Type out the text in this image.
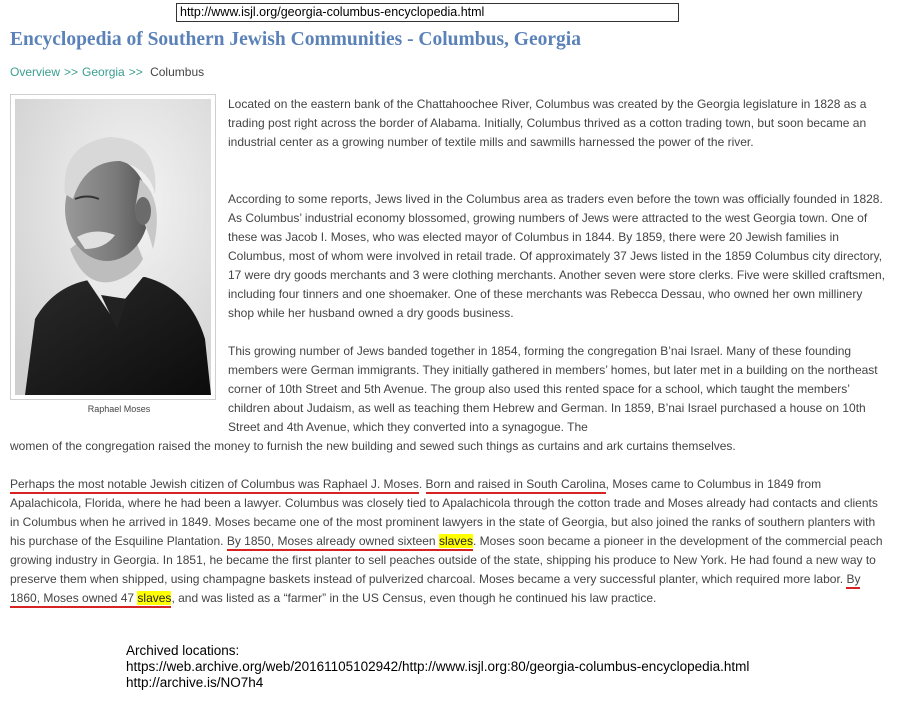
http://www.isjl.org/georgia-columbus-encyclopedia.html
Encyclopedia of Southern Jewish Communities - Columbus, Georgia
Overview >> Georgia >> Columbus
Raphael Moses

Located on the eastern bank of the Chattahoochee River, Columbus was created by the Georgia legislature in 1828 as a trading post right across the border of Alabama. Initially, Columbus thrived as a cotton trading town, but soon became an industrial center as a growing number of textile mills and sawmills harnessed the power of the river.

According to some reports, Jews lived in the Columbus area as traders even before the town was officially founded in 1828. As Columbus’ industrial economy blossomed, growing numbers of Jews were attracted to the west Georgia town. One of these was Jacob I. Moses, who was elected mayor of Columbus in 1844. By 1859, there were 20 Jewish families in Columbus, most of whom were involved in retail trade. Of approximately 37 Jews listed in the 1859 Columbus city directory, 17 were dry goods merchants and 3 were clothing merchants. Another seven were store clerks. Five were skilled craftsmen, including four tinners and one shoemaker. One of these merchants was Rebecca Dessau, who owned her own millinery shop while her husband owned a dry goods business.

This growing number of Jews banded together in 1854, forming the congregation B’nai Israel. Many of these founding members were German immigrants. They initially gathered in members’ homes, but later met in a building on the northeast corner of 10th Street and 5th Avenue. The group also used this rented space for a school, which taught the members’ children about Judaism, as well as teaching them Hebrew and German. In 1859, B’nai Israel purchased a house on 10th Street and 4th Avenue, which they converted into a synagogue. The

women of the congregation raised the money to furnish the new building and sewed such things as curtains and ark curtains themselves.

Perhaps the most notable Jewish citizen of Columbus was Raphael J. Moses. Born and raised in South Carolina, Moses came to Columbus in 1849 from Apalachicola, Florida, where he had been a lawyer. Columbus was closely tied to Apalachicola through the cotton trade and Moses already had contacts and clients in Columbus when he arrived in 1849. Moses became one of the most prominent lawyers in the state of Georgia, but also joined the ranks of southern planters with his purchase of the Esquiline Plantation. By 1850, Moses already owned sixteen slaves. Moses soon became a pioneer in the development of the commercial peach growing industry in Georgia. In 1851, he became the first planter to sell peaches outside of the state, shipping his produce to New York. He had found a new way to preserve them when shipped, using champagne baskets instead of pulverized charcoal. Moses became a very successful planter, which required more labor. By 1860, Moses owned 47 slaves, and was listed as a “farmer” in the US Census, even though he continued his law practice.

Archived locations:
https://web.archive.org/web/20161105102942/http://www.isjl.org:80/georgia-columbus-encyclopedia.html
http://archive.is/NO7h4
